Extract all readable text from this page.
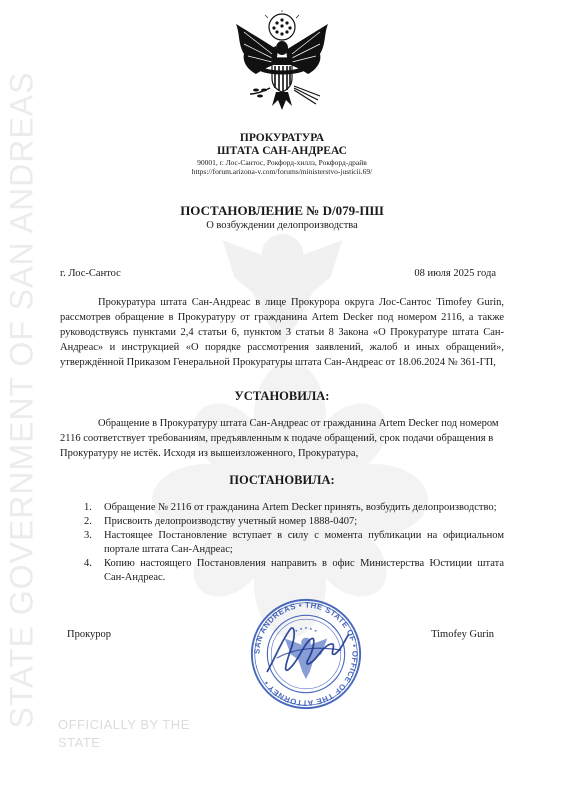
STATE GOVERNMENT OF SAN ANDREAS OFFICIALLY BY THE
STATE
ПРОКУРАТУРА
ШТАТА САН-АНДРЕАС
90001, г. Лос-Сантос, Рокфорд-хиллз, Рокфорд-драйв
https://forum.arizona-v.com/forums/ministerstvo-justicii.69/
ПОСТАНОВЛЕНИЕ № D/079-ПШ
О возбуждении делопроизводства
г. Лос-Сантос	08 июля 2025 года
Прокуратура штата Сан-Андреас в лице Прокурора округа Лос-Сантос Timofey Gurin, рассмотрев обращение в Прокуратуру от гражданина Artem Decker под номером 2116, а также руководствуясь пунктами 2,4 статьи 6, пунктом 3 статьи 8 Закона «О Прокуратуре штата Сан-Андреас» и инструкцией «О порядке рассмотрения заявлений, жалоб и иных обращений», утверждённой Приказом Генеральной Прокуратуры штата Сан-Андреас от 18.06.2024 № 361-ГП,
УСТАНОВИЛА:
Обращение в Прокуратуру штата Сан-Андреас от гражданина Artem Decker под номером 2116 соответствует требованиям, предъявленным к подаче обращений, срок подачи обращения в Прокуратуру не истёк. Исходя из вышеизложенного, Прокуратура,
ПОСТАНОВИЛА:
1. Обращение № 2116 от гражданина Artem Decker принять, возбудить делопроизводство;
2. Присвоить делопроизводству учетный номер 1888-0407;
3. Настоящее Постановление вступает в силу с момента публикации на официальном портале штата Сан-Андреас;
4. Копию настоящего Постановления направить в офис Министерства Юстиции штата Сан-Андреас.
Прокурор	Timofey Gurin
SAN ANDREAS • THE STATE OF • OFFICE OF THE ATTORNEY •
